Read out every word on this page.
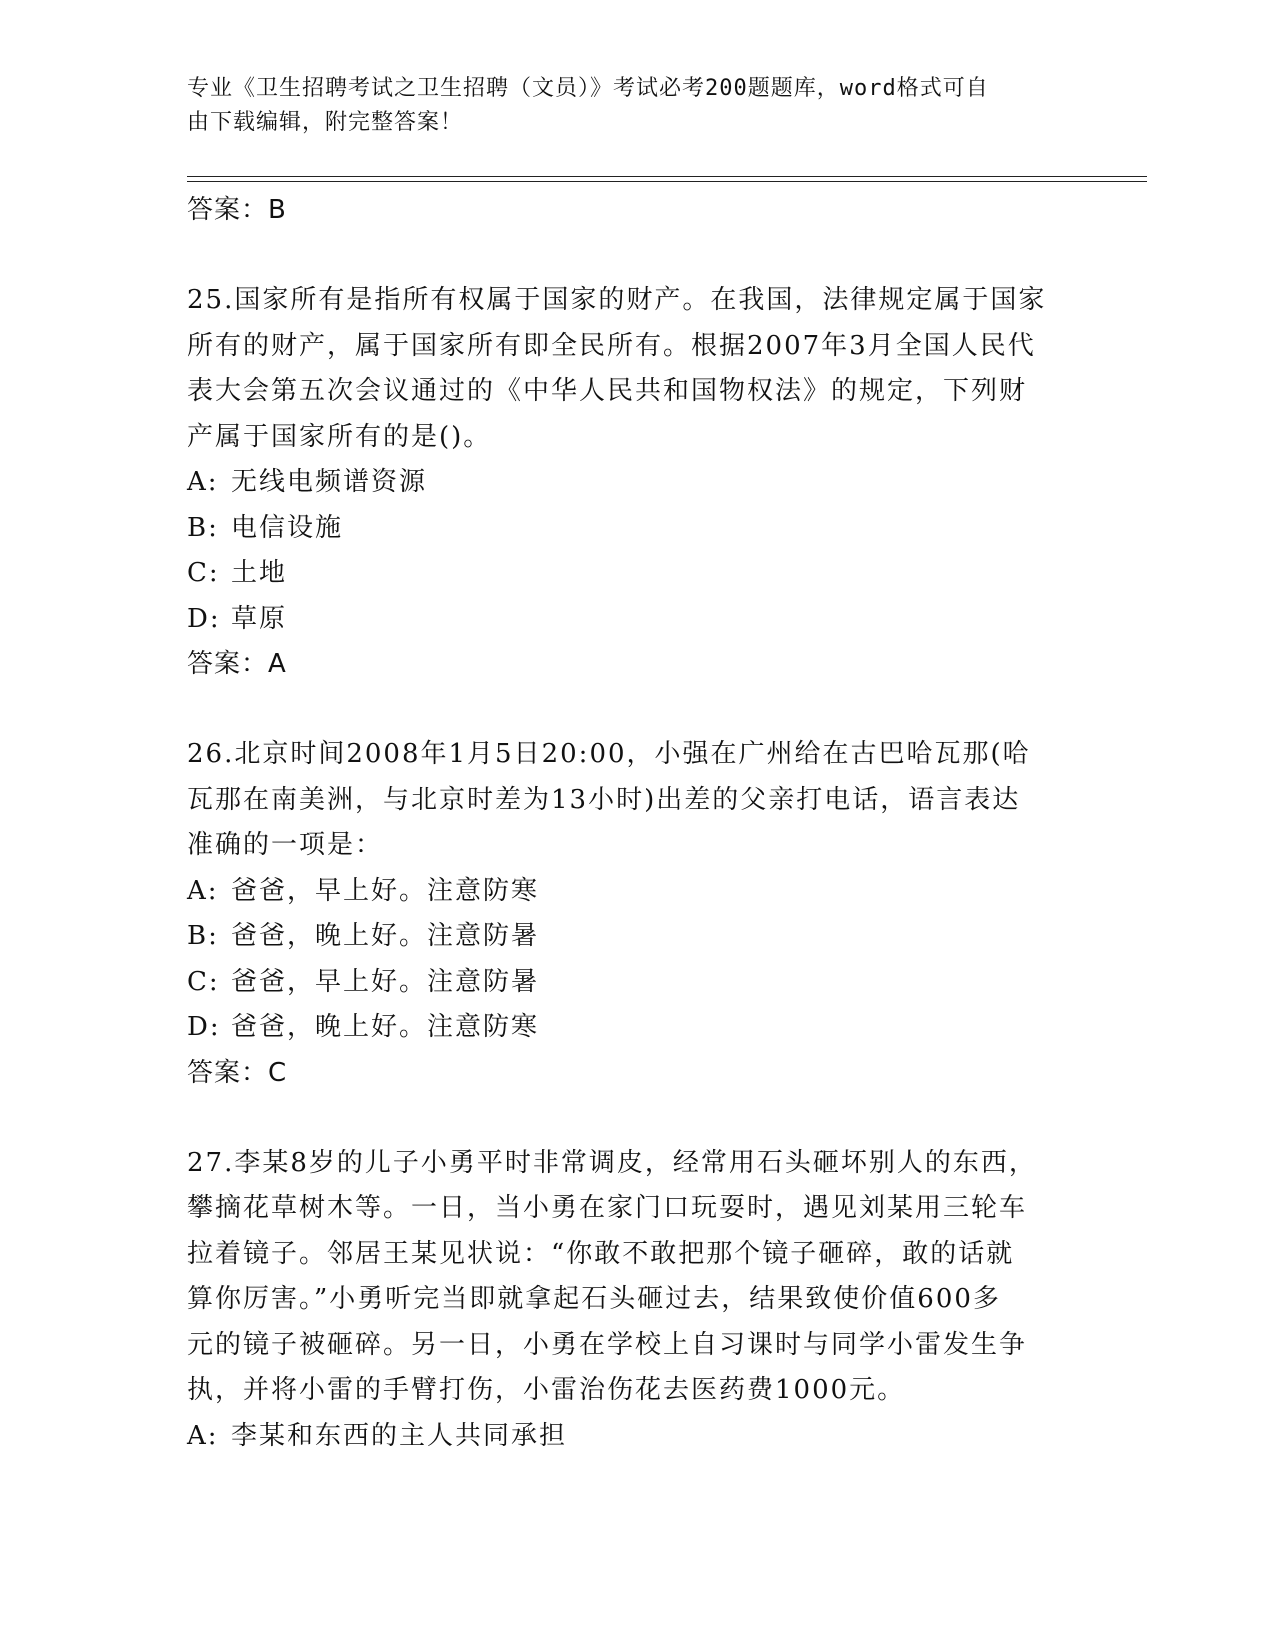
专业《卫生招聘考试之卫生招聘（文员）》考试必考200题题库，word格式可自
由下载编辑，附完整答案！
答案：B

25.国家所有是指所有权属于国家的财产。在我国，法律规定属于国家
所有的财产，属于国家所有即全民所有。根据2007年3月全国人民代
表大会第五次会议通过的《中华人民共和国物权法》的规定，下列财
产属于国家所有的是()。

A: 无线电频谱资源
B: 电信设施
C: 土地
D: 草原
答案：A

26.北京时间2008年1月5日20:00，小强在广州给在古巴哈瓦那(哈
瓦那在南美洲，与北京时差为13小时)出差的父亲打电话，语言表达
准确的一项是：

A: 爸爸，早上好。注意防寒
B: 爸爸，晚上好。注意防暑
C: 爸爸，早上好。注意防暑
D: 爸爸，晚上好。注意防寒
答案：C

27.李某8岁的儿子小勇平时非常调皮，经常用石头砸坏别人的东西，
攀摘花草树木等。一日，当小勇在家门口玩耍时，遇见刘某用三轮车
拉着镜子。邻居王某见状说：“你敢不敢把那个镜子砸碎，敢的话就
算你厉害。”小勇听完当即就拿起石头砸过去，结果致使价值600多
元的镜子被砸碎。另一日，小勇在学校上自习课时与同学小雷发生争
执，并将小雷的手臂打伤，小雷治伤花去医药费1000元。

A: 李某和东西的主人共同承担
